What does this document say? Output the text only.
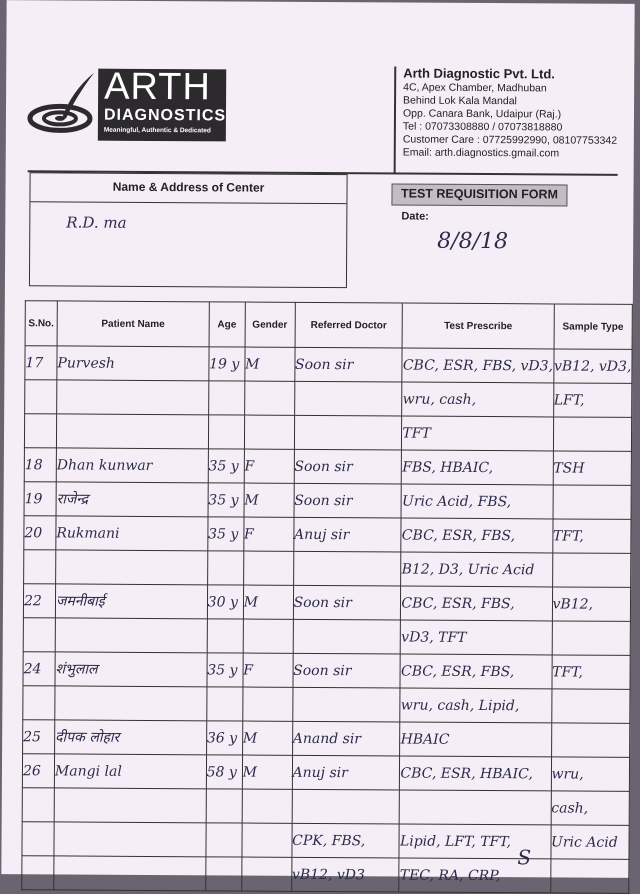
ARTH
DIAGNOSTICS
Meaningful, Authentic & Dedicated
Arth Diagnostic Pvt. Ltd.
4C, Apex Chamber, Madhuban
Behind Lok Kala Mandal
Opp. Canara Bank, Udaipur (Raj.)
Tel : 07073308880 / 07073818880
Customer Care : 07725992990, 08107753342
Email: arth.diagnostics.gmail.com
Name & Address of Center
R.D. ma
TEST REQUISITION FORM
Date:
8/8/18
S.No.	Patient Name	Age	Gender	Referred Doctor	Test Prescribe	Sample Type
17	Purvesh	19 y	M	Soon sir	CBC, ESR, FBS, vD3,	vB12, vD3,
					wru, cash,	LFT,
					TFT	
18	Dhan kunwar	35 y	F	Soon sir	FBS, HBAIC,	TSH
19	राजेन्द्र	35 y	M	Soon sir	Uric Acid, FBS,	
20	Rukmani	35 y	F	Anuj sir	CBC, ESR, FBS,	TFT,
					B12, D3, Uric Acid	
22	जमनीबाई	30 y	M	Soon sir	CBC, ESR, FBS,	vB12,
					vD3, TFT	
24	शंभुलाल	35 y	F	Soon sir	CBC, ESR, FBS,	TFT,
					wru, cash, Lipid,	
25	दीपक लोहार	36 y	M	Anand sir	HBAIC	
26	Mangi lal	58 y	M	Anuj sir	CBC, ESR, HBAIC,	wru,
						cash,
				CPK, FBS,	Lipid, LFT, TFT,	Uric Acid
				vB12, vD3	TEC, RA, CRP,	
S
